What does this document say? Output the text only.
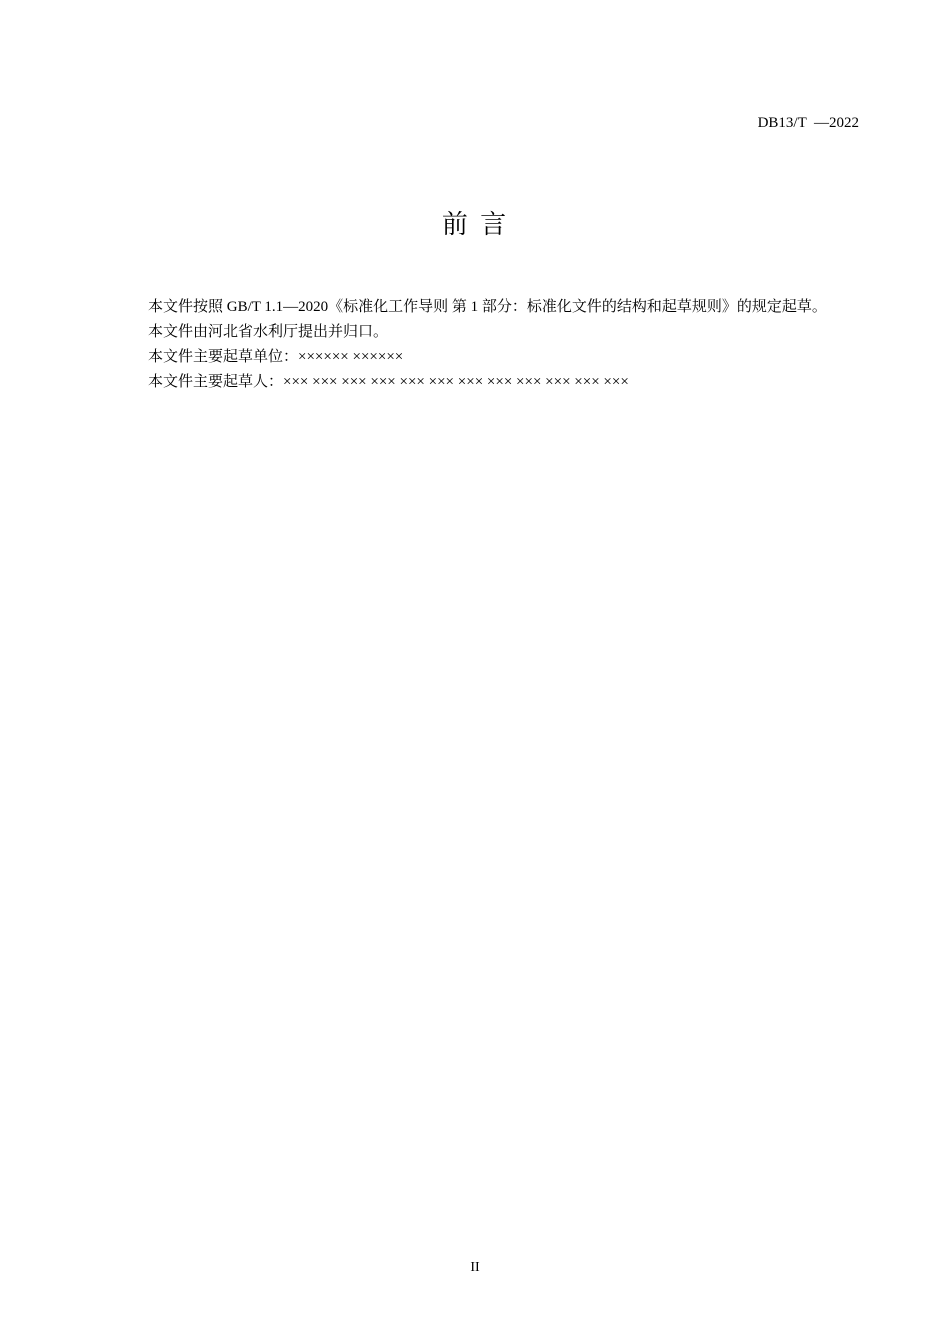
DB13/T  —2022
前 言

本文件按照 GB/T 1.1—2020《标准化工作导则 第 1 部分：标准化文件的结构和起草规则》的规定起草。

本文件由河北省水利厅提出并归口。

本文件主要起草单位：×××××× ××××××

本文件主要起草人：××× ××× ××× ××× ××× ××× ××× ××× ××× ××× ××× ×××

II
